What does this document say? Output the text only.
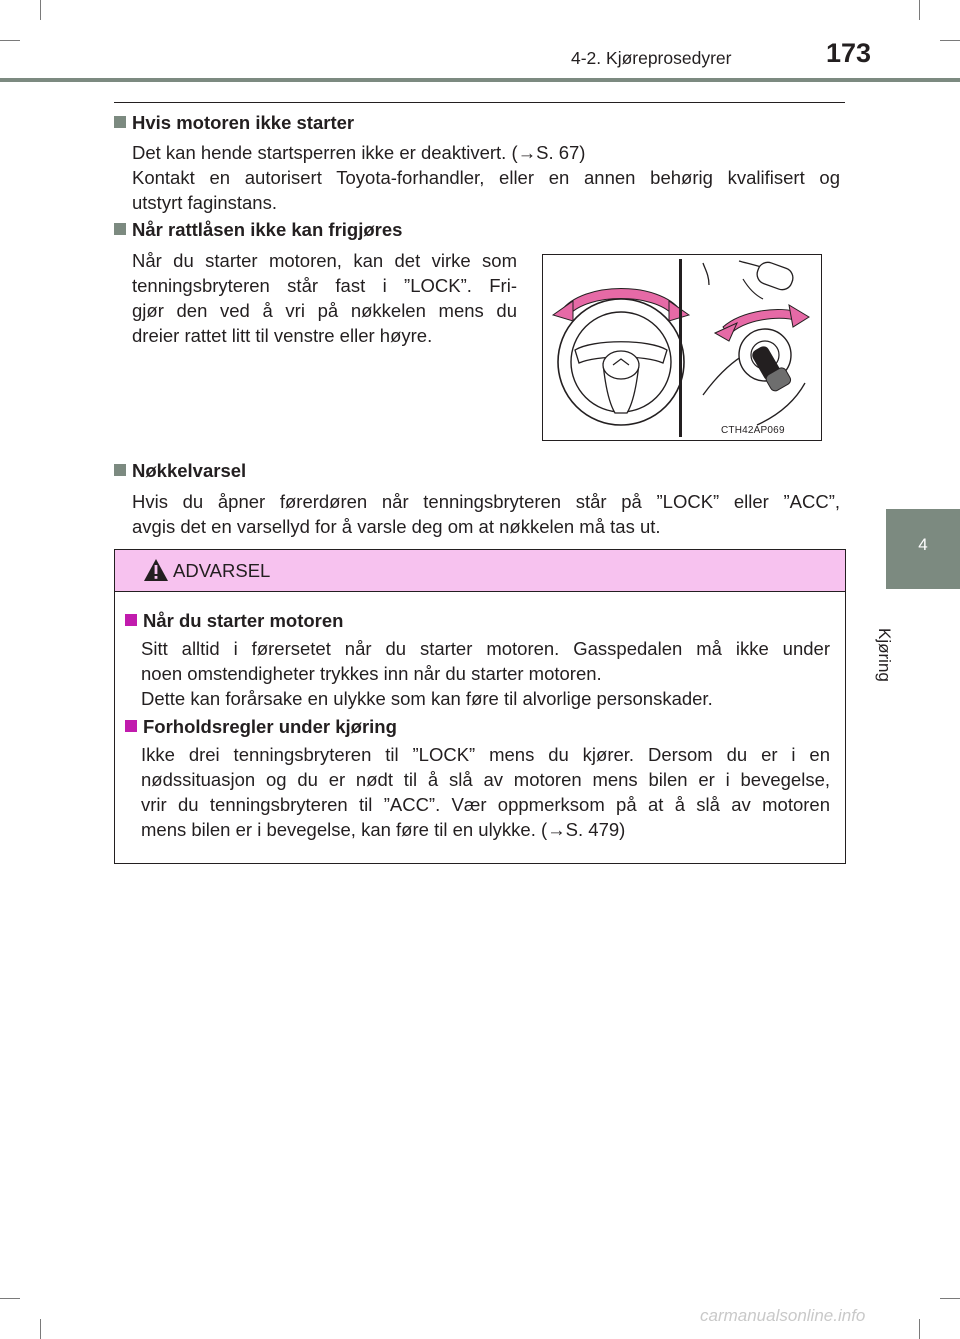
4-2. Kjøreprosedyrer	173
4
Kjøring
Hvis motoren ikke starter
Det kan hende startsperren ikke er deaktivert. (→S. 67)
Kontakt en autorisert Toyota-forhandler, eller en annen behørig kvalifisert og
utstyrt faginstans.
Når rattlåsen ikke kan frigjøres
Når du starter motoren, kan det virke som
tenningsbryteren står fast i ”LOCK”. Fri-
gjør den ved å vri på nøkkelen mens du
dreier rattet litt til venstre eller høyre.
CTH42AP069
Nøkkelvarsel
Hvis du åpner førerdøren når tenningsbryteren står på ”LOCK” eller ”ACC”,
avgis det en varsellyd for å varsle deg om at nøkkelen må tas ut.
ADVARSEL
Når du starter motoren
Sitt alltid i førersetet når du starter motoren. Gasspedalen må ikke under
noen omstendigheter trykkes inn når du starter motoren.
Dette kan forårsake en ulykke som kan føre til alvorlige personskader.
Forholdsregler under kjøring
Ikke drei tenningsbryteren til ”LOCK” mens du kjører. Dersom du er i en
nødssituasjon og du er nødt til å slå av motoren mens bilen er i bevegelse,
vrir du tenningsbryteren til ”ACC”. Vær oppmerksom på at å slå av motoren
mens bilen er i bevegelse, kan føre til en ulykke. (→S. 479)
carmanualsonline.info
